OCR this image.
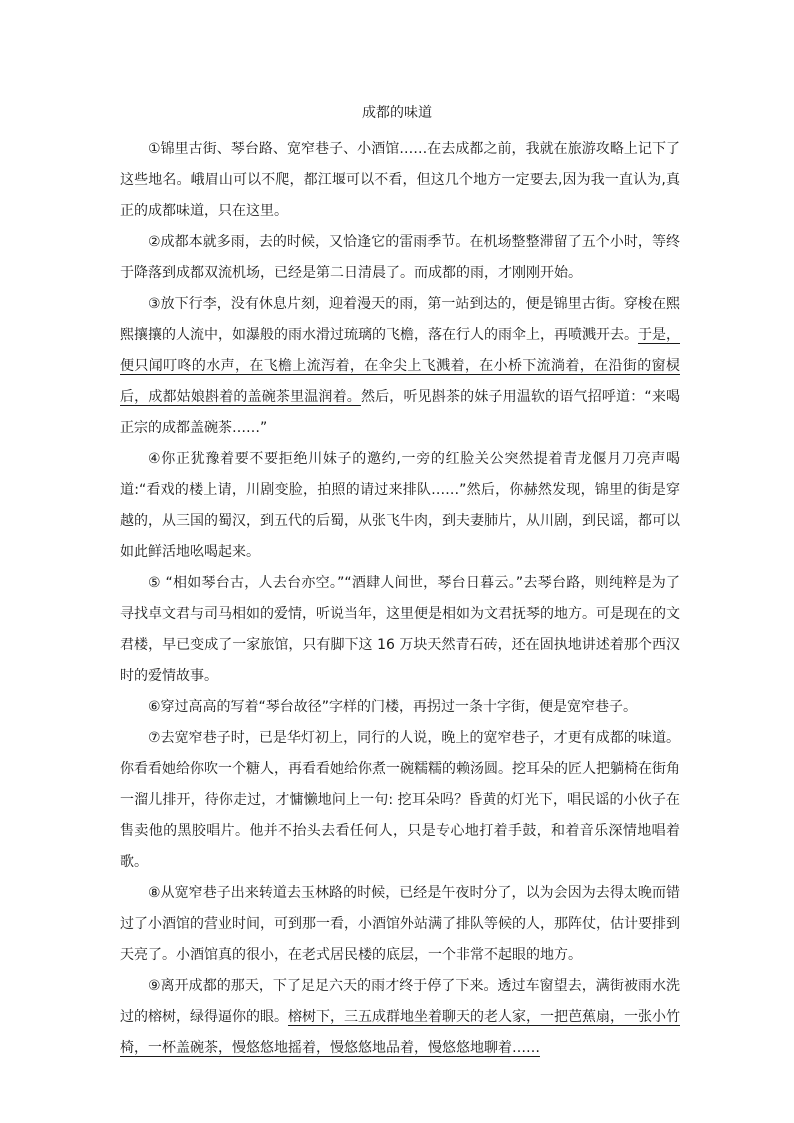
成都的味道

①锦里古街、琴台路、宽窄巷子、小酒馆……在去成都之前，我就在旅游攻略上记下了这些地名。峨眉山可以不爬，都江堰可以不看，但这几个地方一定要去,因为我一直认为,真正的成都味道，只在这里。

②成都本就多雨，去的时候，又恰逢它的雷雨季节。在机场整整滞留了五个小时，等终于降落到成都双流机场，已经是第二日清晨了。而成都的雨，才刚刚开始。

③放下行李，没有休息片刻，迎着漫天的雨，第一站到达的，便是锦里古街。穿梭在熙熙攘攘的人流中，如瀑般的雨水滑过琉璃的飞檐，落在行人的雨伞上，再喷溅开去。于是，便只闻叮咚的水声，在飞檐上流泻着，在伞尖上飞溅着，在小桥下流淌着，在沿街的窗棂后，成都姑娘斟着的盖碗茶里温润着。然后，听见斟茶的妹子用温软的语气招呼道：“来喝正宗的成都盖碗茶……”

④你正犹豫着要不要拒绝川妹子的邀约,一旁的红脸关公突然提着青龙偃月刀亮声喝道:“看戏的楼上请，川剧变脸，拍照的请过来排队……”然后，你赫然发现，锦里的街是穿越的，从三国的蜀汉，到五代的后蜀，从张飞牛肉，到夫妻肺片，从川剧，到民谣，都可以如此鲜活地吆喝起来。

⑤ “相如琴台古，人去台亦空。”“酒肆人间世，琴台日暮云。”去琴台路，则纯粹是为了寻找卓文君与司马相如的爱情，听说当年，这里便是相如为文君抚琴的地方。可是现在的文君楼，早已变成了一家旅馆，只有脚下这 16 万块天然青石砖，还在固执地讲述着那个西汉时的爱情故事。

⑥穿过高高的写着“琴台故径”字样的门楼，再拐过一条十字街，便是宽窄巷子。

⑦去宽窄巷子时，已是华灯初上，同行的人说，晚上的宽窄巷子，才更有成都的味道。你看看她给你吹一个糖人，再看看她给你煮一碗糯糯的赖汤圆。挖耳朵的匠人把躺椅在街角一溜儿排开，待你走过，才慵懒地问上一句: 挖耳朵吗？昏黄的灯光下，唱民谣的小伙子在售卖他的黑胶唱片。他并不抬头去看任何人，只是专心地打着手鼓，和着音乐深情地唱着歌。

⑧从宽窄巷子出来转道去玉林路的时候，已经是午夜时分了，以为会因为去得太晚而错过了小酒馆的营业时间，可到那一看，小酒馆外站满了排队等候的人，那阵仗，估计要排到天亮了。小酒馆真的很小，在老式居民楼的底层，一个非常不起眼的地方。

⑨离开成都的那天，下了足足六天的雨才终于停了下来。透过车窗望去，满街被雨水洗过的榕树，绿得逼你的眼。榕树下，三五成群地坐着聊天的老人家，一把芭蕉扇，一张小竹椅，一杯盖碗茶，慢悠悠地摇着，慢悠悠地品着，慢悠悠地聊着……
